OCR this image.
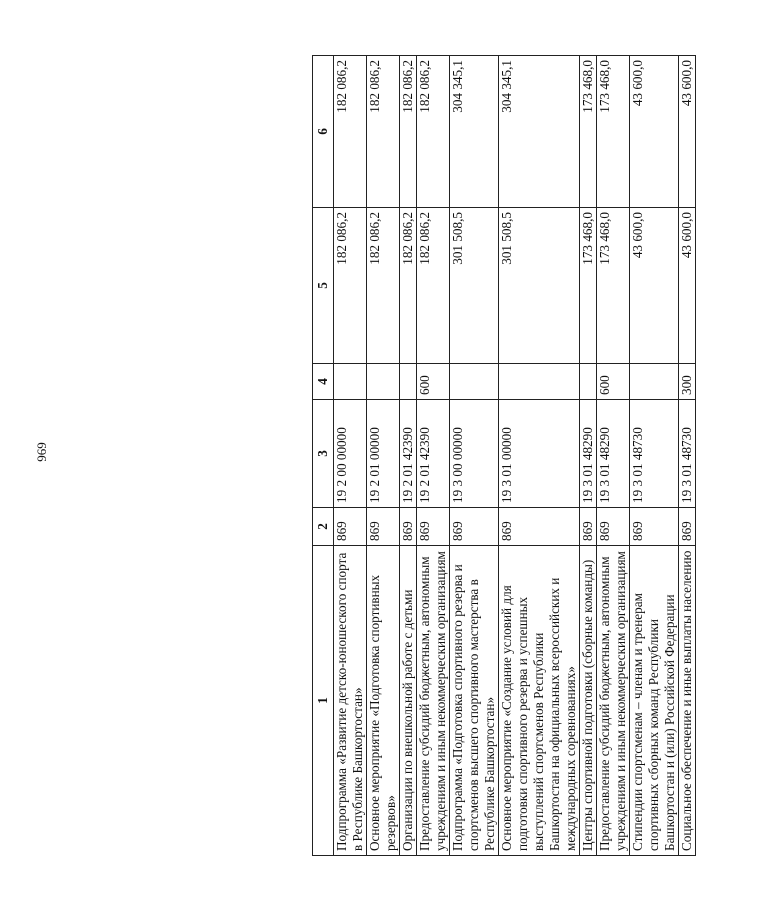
969
1	2	3	4	5	6
Подпрограмма «Развитие детско-юношеского спорта в Республике Башкортостан»	869	19 2 00 00000		182 086,2	182 086,2
Основное мероприятие «Подготовка спортивных резервов»	869	19 2 01 00000		182 086,2	182 086,2
Организации по внешкольной работе с детьми	869	19 2 01 42390		182 086,2	182 086,2
Предоставление субсидий бюджетным, автономным учреждениям и иным некоммерческим организациям	869	19 2 01 42390	600	182 086,2	182 086,2
Подпрограмма «Подготовка спортивного резерва и спортсменов высшего спортивного мастерства в Республике Башкортостан»	869	19 3 00 00000		301 508,5	304 345,1
Основное мероприятие «Создание условий для подготовки спортивного резерва и успешных выступлений спортсменов Республики Башкортостан на официальных всероссийских и международных соревнованиях»	869	19 3 01 00000		301 508,5	304 345,1
Центры спортивной подготовки (сборные команды)	869	19 3 01 48290		173 468,0	173 468,0
Предоставление субсидий бюджетным, автономным учреждениям и иным некоммерческим организациям	869	19 3 01 48290	600	173 468,0	173 468,0
Стипендии спортсменам – членам и тренерам спортивных сборных команд Республики Башкортостан и (или) Российской Федерации	869	19 3 01 48730		43 600,0	43 600,0
Социальное обеспечение и иные выплаты населению	869	19 3 01 48730	300	43 600,0	43 600,0
